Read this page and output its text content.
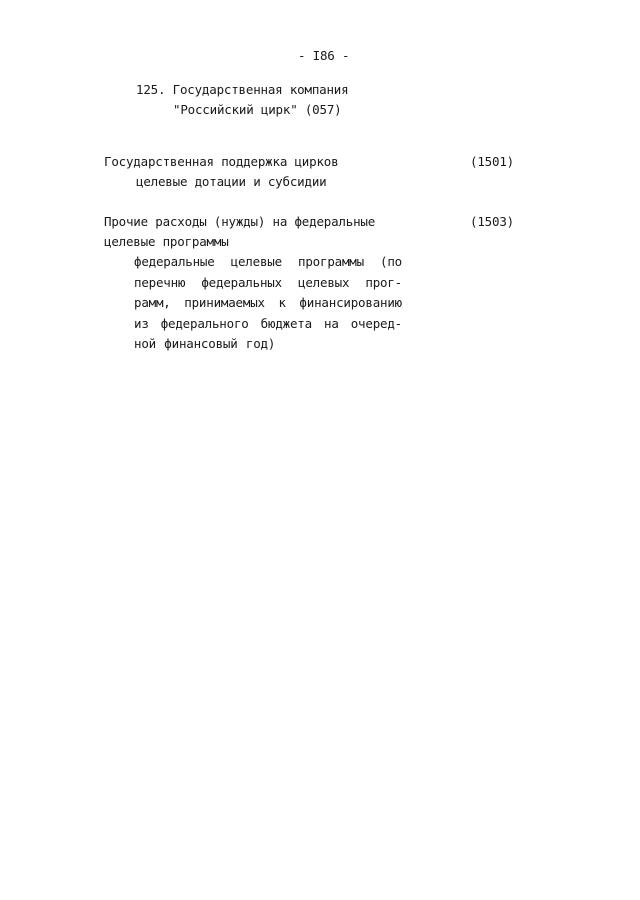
- I86 -
125. Государственная компания
"Российский цирк" (057)
Государственная поддержка цирков	(1501)
целевые дотации и субсидии
Прочие расходы (нужды) на федеральные	(1503)
целевые программы
федеральные целевые программы (по перечню федеральных целевых прог-рамм, принимаемых к финансированию из федерального бюджета на очеред-ной финансовый год)
